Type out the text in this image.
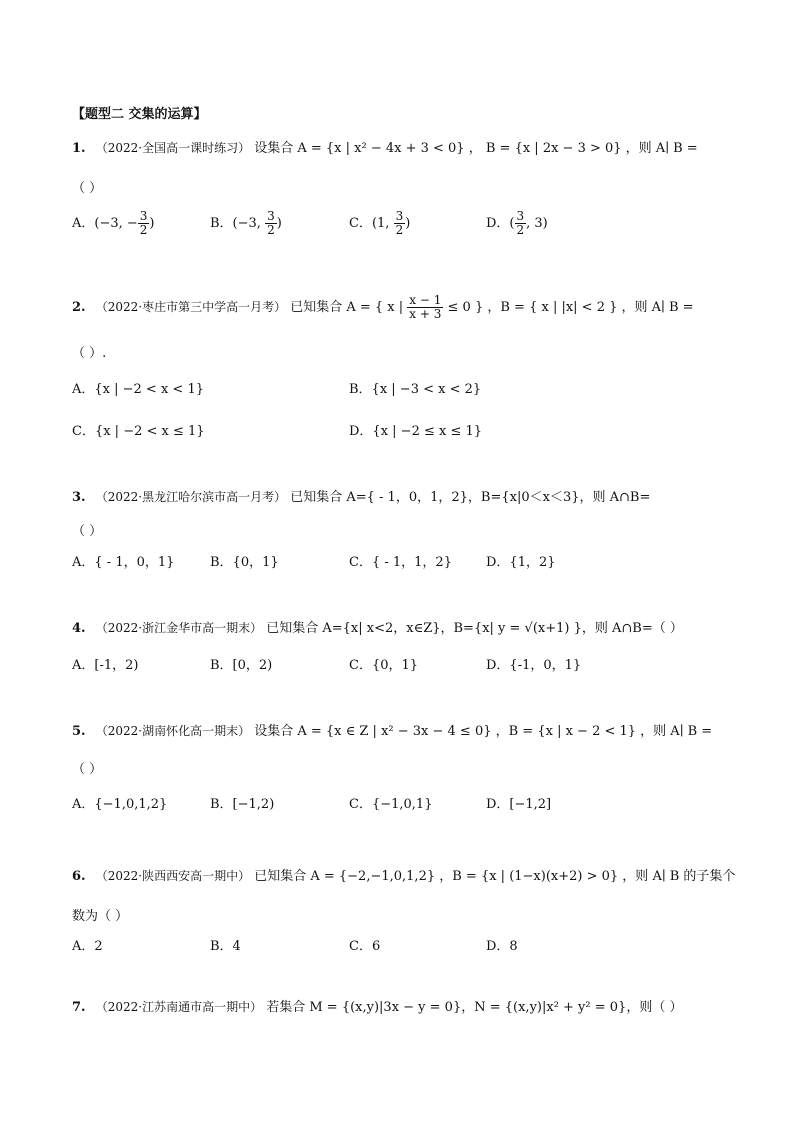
【题型二 交集的运算】
1. （2022·全国高一课时练习） 设集合 A = {x | x² − 4x + 3 < 0} ， B = {x | 2x − 3 > 0} ，则 A∣ B =
（ ）
A．(−3, − $\frac{3}{2}$ )	B．(−3, $\frac{3}{2}$ )	C．(1, $\frac{3}{2}$ )	D．( $\frac{3}{2}$ , 3)
2. （2022·枣庄市第三中学高一月考） 已知集合 A = { x | $\frac{x - 1}{x + 3} \le 0$ } ，B = { x | |x| < 2 } ，则 A∣ B =
（ ）.
A．{x | −2 < x < 1}	B．{x | −3 < x < 2}
C．{x | −2 < x ≤ 1}	D．{x | −2 ≤ x ≤ 1}
3. （2022·黑龙江哈尔滨市高一月考） 已知集合 A={ - 1，0，1，2}，B={x|0＜x＜3}，则 A∩B=
（ ）
A．{ - 1，0，1}	B．{0，1}	C．{ - 1，1，2}	D．{1，2}
4. （2022·浙江金华市高一期末） 已知集合 A={x| x<2，x∈Z}，B={x| y = √(x+1) }，则 A∩B=（ ）
A．[-1，2)	B．[0，2)	C．{0，1}	D．{-1，0，1}
5. （2022·湖南怀化高一期末） 设集合 A = {x ∈ Z | x² − 3x − 4 ≤ 0} ，B = {x | x − 2 < 1} ，则 A∣ B =
（ ）
A．{−1,0,1,2}	B．[−1,2)	C．{−1,0,1}	D．[−1,2]
6. （2022·陕西西安高一期中） 已知集合 A = {−2,−1,0,1,2} ，B = {x | (1−x)(x+2) > 0} ，则 A∣ B 的子集个
数为（ ）
A．2	B．4	C．6	D．8
7. （2022·江苏南通市高一期中） 若集合 M = {(x,y)|3x − y = 0}，N = {(x,y)|x² + y² = 0}，则（ ）
